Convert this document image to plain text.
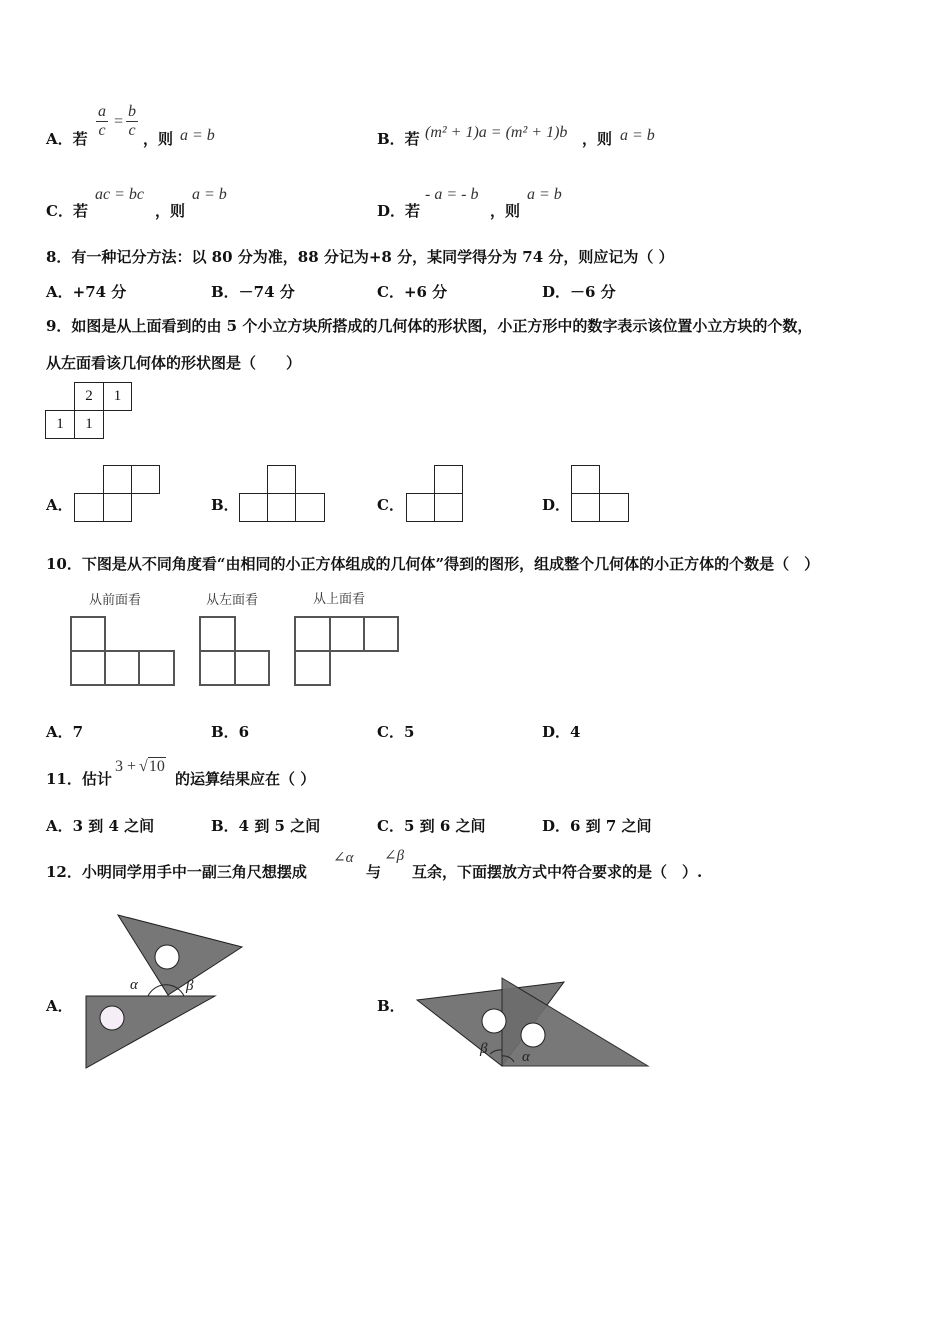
A．若
a
c
=
b
c ，则 a = b	B．若 (m² + 1)a = (m² + 1)b ，则 a = b
C．若
ac = bc
，则
a = b
D．若
- a = - b
，则
a = b
8．有一种记分方法：以 80 分为准，88 分记为+8 分，某同学得分为 74 分，则应记为（ ）
A．+74 分	B．－74 分	C．+6 分	D．－6 分
9．如图是从上面看到的由 5 个小立方块所搭成的几何体的形状图，小正方形中的数字表示该位置小立方块的个数，
从左面看该几何体的形状图是（　　）
2	1
1	1
A．	B．	C．	D．
10．下图是从不同角度看“由相同的小正方体组成的几何体”得到的图形，组成整个几何体的小正方体的个数是（　）
从前面看	从左面看	从上面看
A．7	B．6	C．5	D．4
11．估计
3 + √10
的运算结果应在（ ）
A．3 到 4 之间	B．4 到 5 之间	C．5 到 6 之间	D．6 到 7 之间
12．小明同学用手中一副三角尺想摆成
∠α
与
∠β
互余，下面摆放方式中符合要求的是（　）.
A．
α	β
B．
β α
